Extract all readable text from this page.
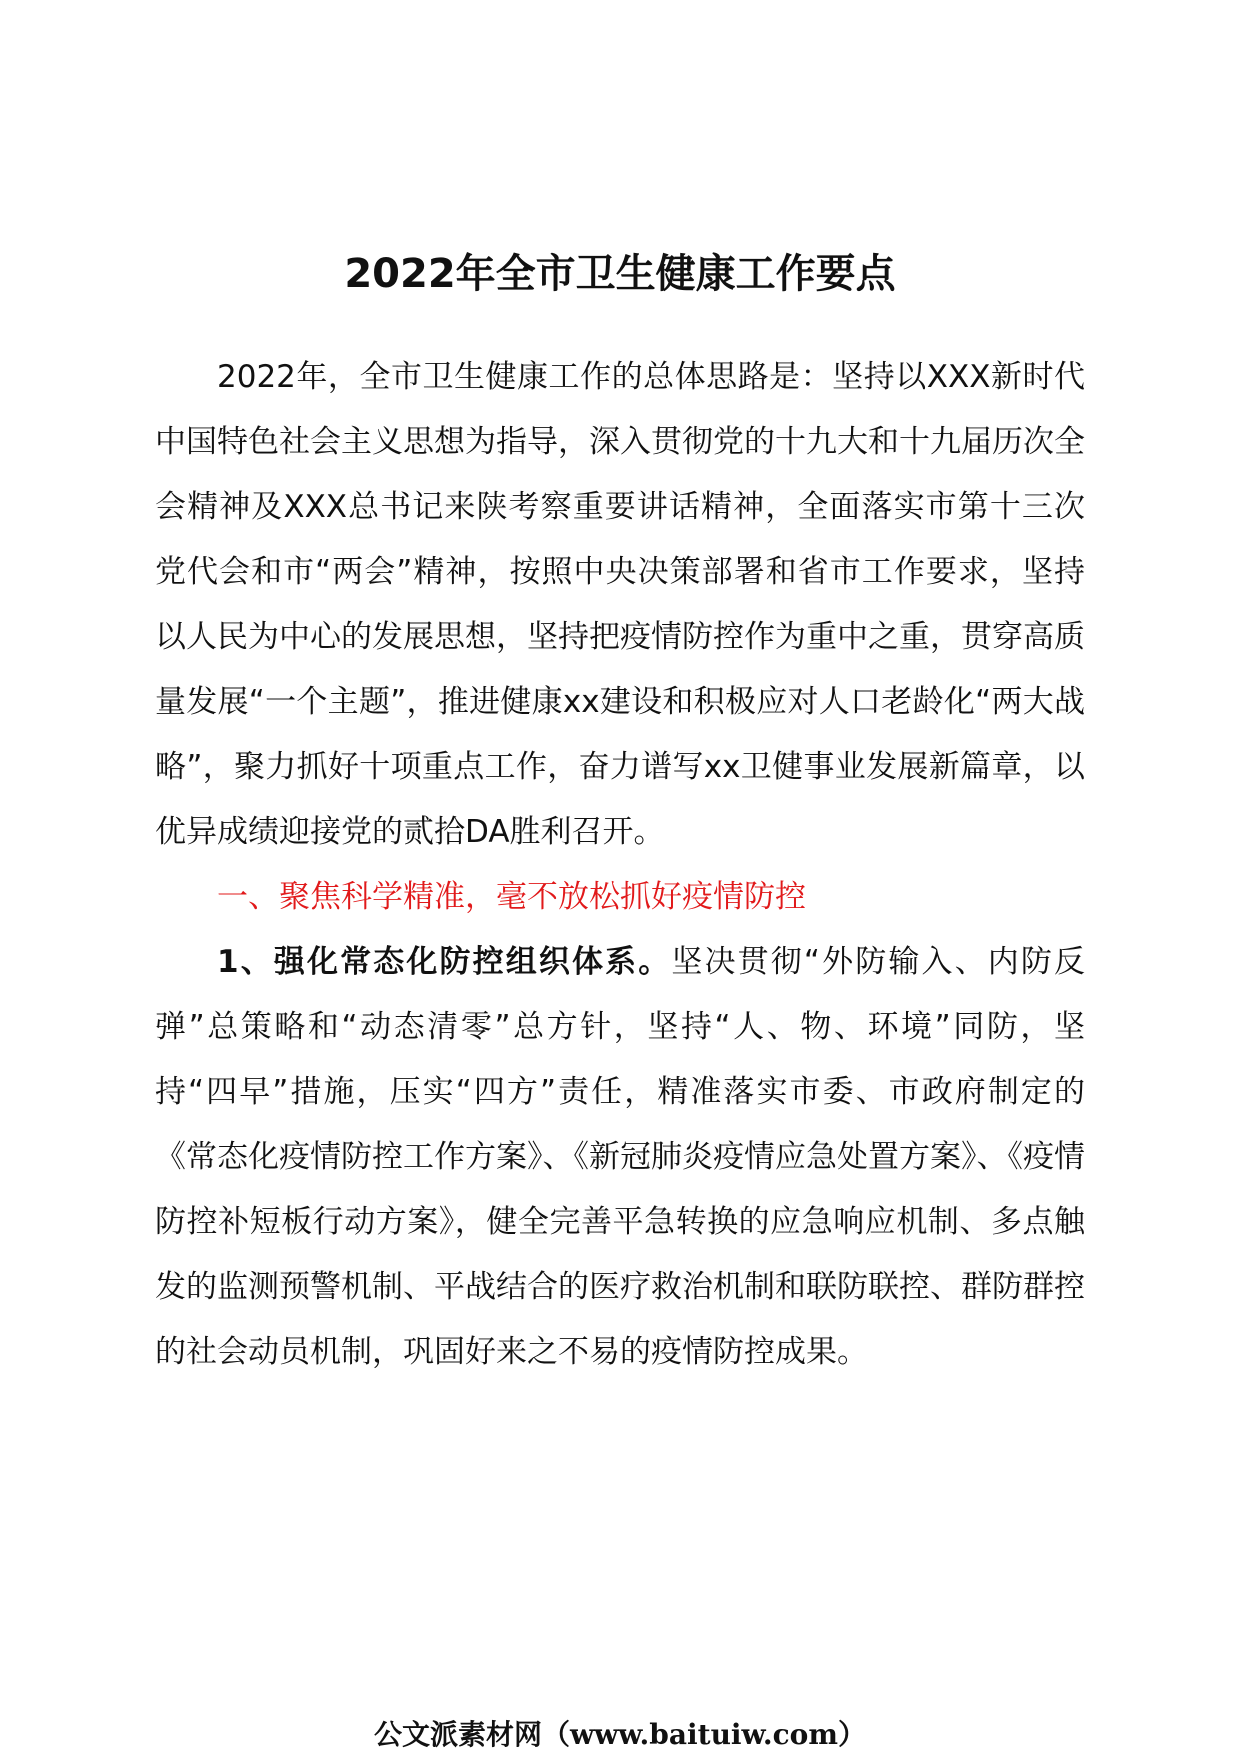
2022年全市卫生健康工作要点

2022年，全市卫生健康工作的总体思路是：坚持以XXX新时代中国特色社会主义思想为指导，深入贯彻党的十九大和十九届历次全会精神及XXX总书记来陕考察重要讲话精神，全面落实市第十三次党代会和市“两会”精神，按照中央决策部署和省市工作要求，坚持以人民为中心的发展思想，坚持把疫情防控作为重中之重，贯穿高质量发展“一个主题”，推进健康xx建设和积极应对人口老龄化“两大战略”，聚力抓好十项重点工作，奋力谱写xx卫健事业发展新篇章，以优异成绩迎接党的贰拾DA胜利召开。

一、聚焦科学精准，毫不放松抓好疫情防控

1、强化常态化防控组织体系。坚决贯彻“外防输入、内防反弹”总策略和“动态清零”总方针，坚持“人、物、环境”同防，坚持“四早”措施，压实“四方”责任，精准落实市委、市政府制定的《常态化疫情防控工作方案》、《新冠肺炎疫情应急处置方案》、《疫情防控补短板行动方案》，健全完善平急转换的应急响应机制、多点触发的监测预警机制、平战结合的医疗救治机制和联防联控、群防群控的社会动员机制，巩固好来之不易的疫情防控成果。

公文派素材网（www.baituiw.com）
